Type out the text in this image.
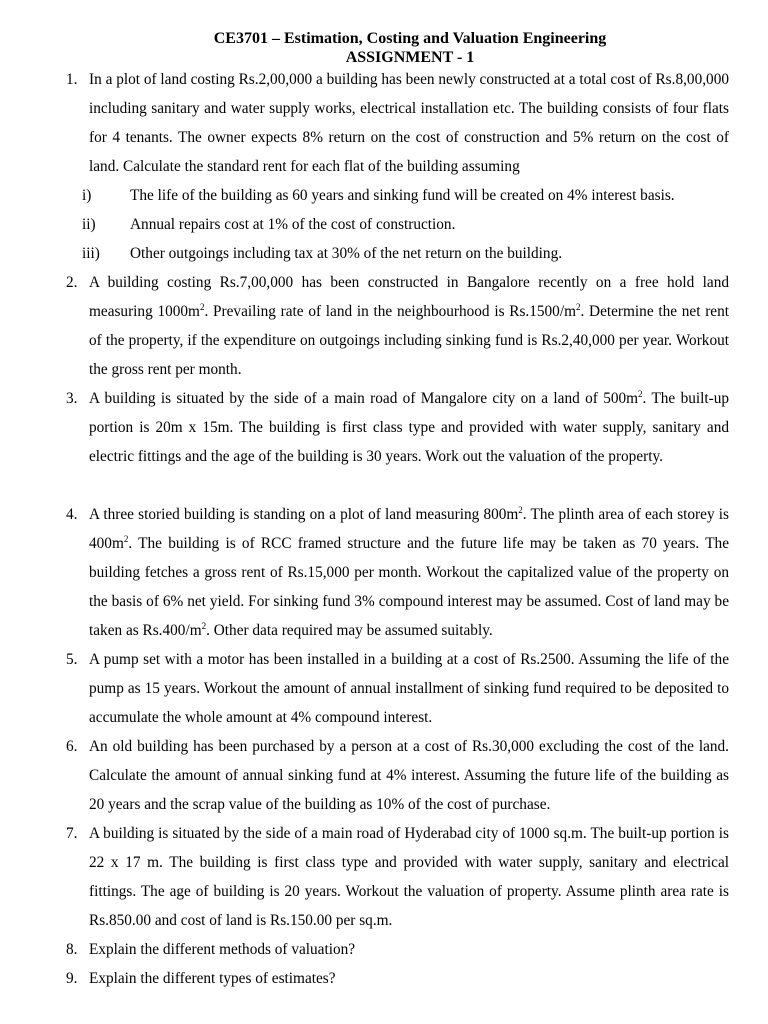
CE3701 – Estimation, Costing and Valuation Engineering
ASSIGNMENT - 1
1. In a plot of land costing Rs.2,00,000 a building has been newly constructed at a total cost of Rs.8,00,000 including sanitary and water supply works, electrical installation etc. The building consists of four flats for 4 tenants. The owner expects 8% return on the cost of construction and 5% return on the cost of land. Calculate the standard rent for each flat of the building assuming
i)	The life of the building as 60 years and sinking fund will be created on 4% interest basis.
ii)	Annual repairs cost at 1% of the cost of construction.
iii)	Other outgoings including tax at 30% of the net return on the building.
2. A building costing Rs.7,00,000 has been constructed in Bangalore recently on a free hold land measuring $1000m^2$. Prevailing rate of land in the neighbourhood is $Rs.1500/m^2$. Determine the net rent of the property, if the expenditure on outgoings including sinking fund is Rs.2,40,000 per year. Workout the gross rent per month.
3. A building is situated by the side of a main road of Mangalore city on a land of $500m^2$. The built-up portion is 20m x 15m. The building is first class type and provided with water supply, sanitary and electric fittings and the age of the building is 30 years. Work out the valuation of the property.
4. A three storied building is standing on a plot of land measuring $800m^2$. The plinth area of each storey is $400m^2$. The building is of RCC framed structure and the future life may be taken as 70 years. The building fetches a gross rent of Rs.15,000 per month. Workout the capitalized value of the property on the basis of 6% net yield. For sinking fund 3% compound interest may be assumed. Cost of land may be taken as $Rs.400/m^2$. Other data required may be assumed suitably.
5. A pump set with a motor has been installed in a building at a cost of Rs.2500. Assuming the life of the pump as 15 years. Workout the amount of annual installment of sinking fund required to be deposited to accumulate the whole amount at 4% compound interest.
6. An old building has been purchased by a person at a cost of Rs.30,000 excluding the cost of the land. Calculate the amount of annual sinking fund at 4% interest. Assuming the future life of the building as 20 years and the scrap value of the building as 10% of the cost of purchase.
7. A building is situated by the side of a main road of Hyderabad city of 1000 sq.m. The built-up portion is 22 x 17 m. The building is first class type and provided with water supply, sanitary and electrical fittings. The age of building is 20 years. Workout the valuation of property. Assume plinth area rate is Rs.850.00 and cost of land is Rs.150.00 per sq.m.
8. Explain the different methods of valuation?
9. Explain the different types of estimates?
